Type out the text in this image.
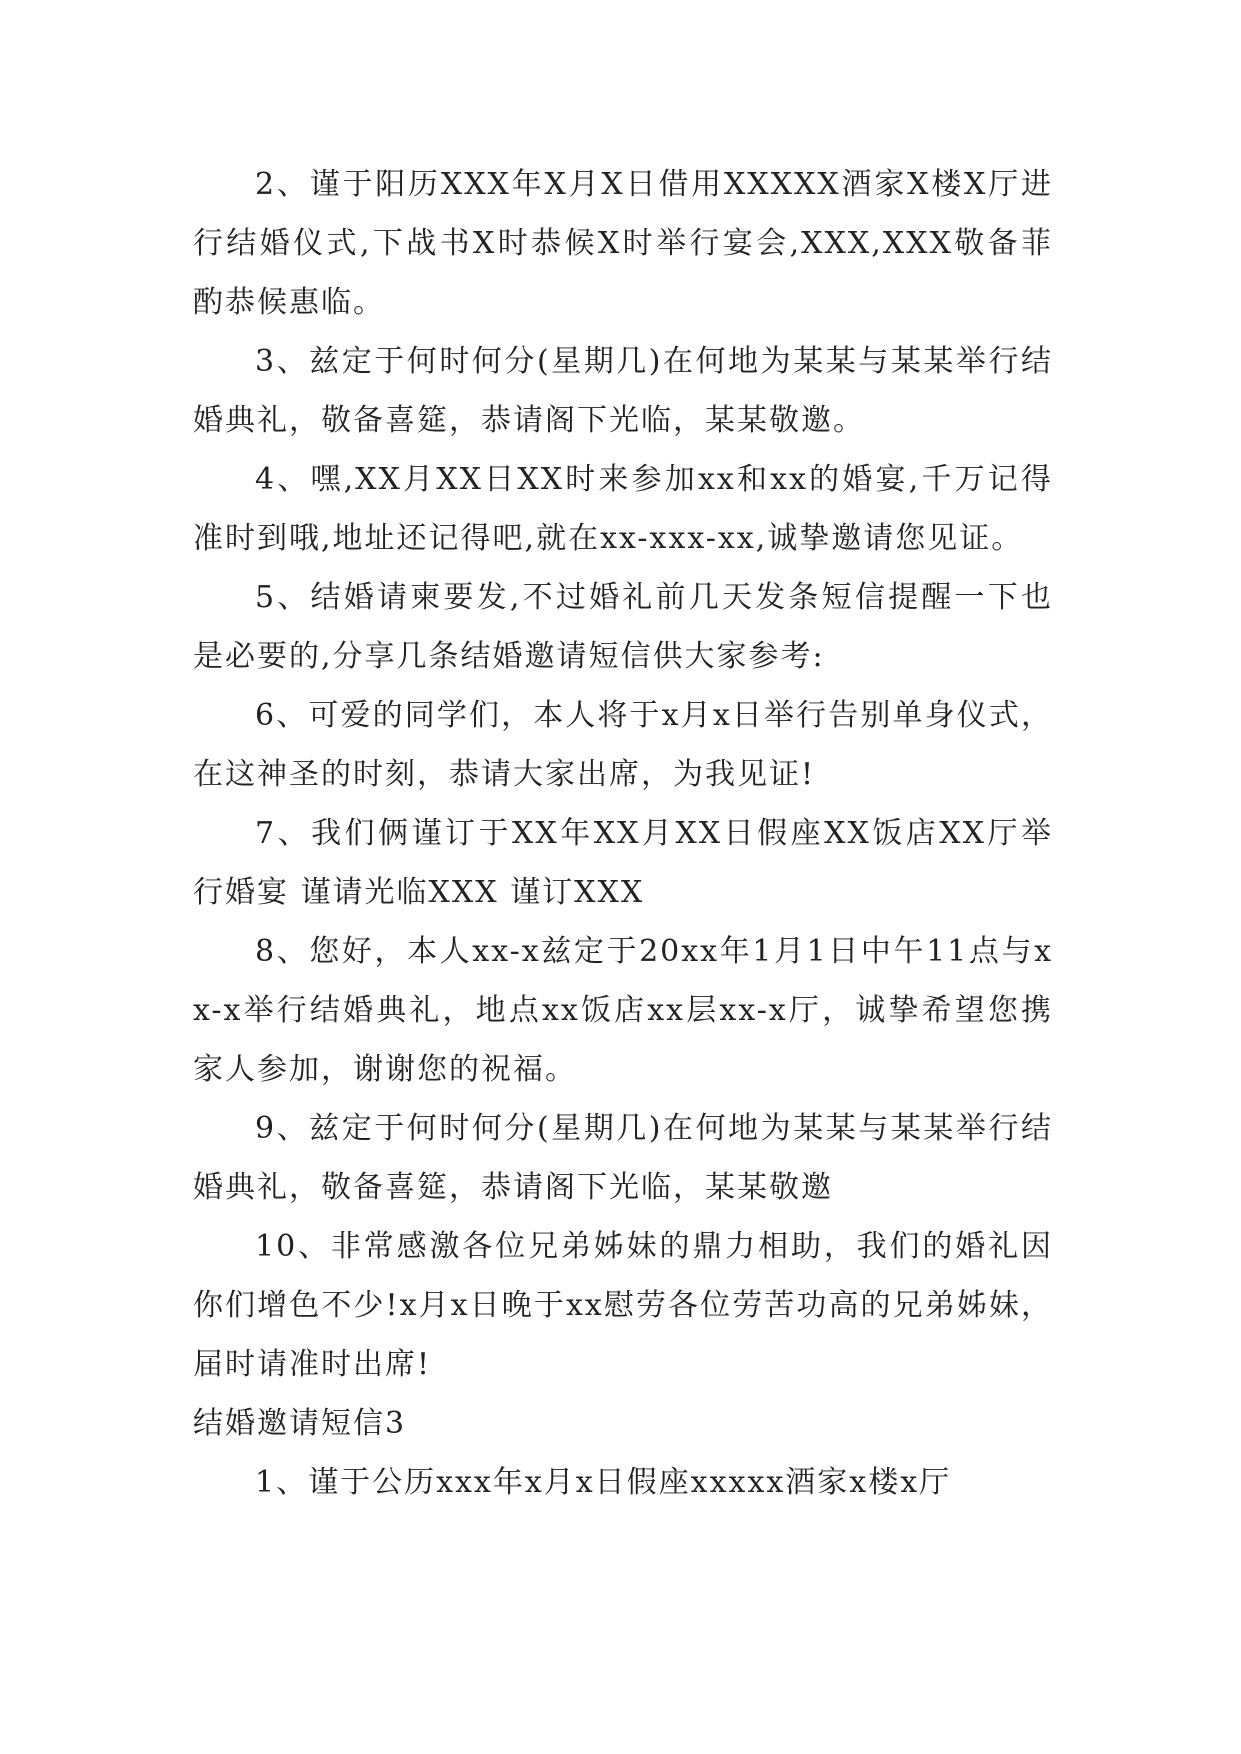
2、谨于阳历XXX年X月X日借用XXXXX酒家X楼X厅进行结婚仪式,下战书X时恭候X时举行宴会,XXX,XXX敬备菲酌恭候惠临。

3、兹定于何时何分(星期几)在何地为某某与某某举行结婚典礼，敬备喜筵，恭请阁下光临，某某敬邀。

4、嘿,XX月XX日XX时来参加xx和xx的婚宴,千万记得准时到哦,地址还记得吧,就在xx-xxx-xx,诚挚邀请您见证。

5、结婚请柬要发,不过婚礼前几天发条短信提醒一下也是必要的,分享几条结婚邀请短信供大家参考:

6、可爱的同学们，本人将于x月x日举行告别单身仪式，在这神圣的时刻，恭请大家出席，为我见证!

7、我们俩谨订于XX年XX月XX日假座XX饭店XX厅举行婚宴 谨请光临XXX 谨订XXX

8、您好，本人xx-x兹定于20xx年1月1日中午11点与xx-x举行结婚典礼，地点xx饭店xx层xx-x厅，诚挚希望您携家人参加，谢谢您的祝福。

9、兹定于何时何分(星期几)在何地为某某与某某举行结婚典礼，敬备喜筵，恭请阁下光临，某某敬邀

10、非常感激各位兄弟姊妹的鼎力相助，我们的婚礼因你们增色不少!x月x日晚于xx慰劳各位劳苦功高的兄弟姊妹，届时请准时出席!

结婚邀请短信3

1、谨于公历xxx年x月x日假座xxxxx酒家x楼x厅
